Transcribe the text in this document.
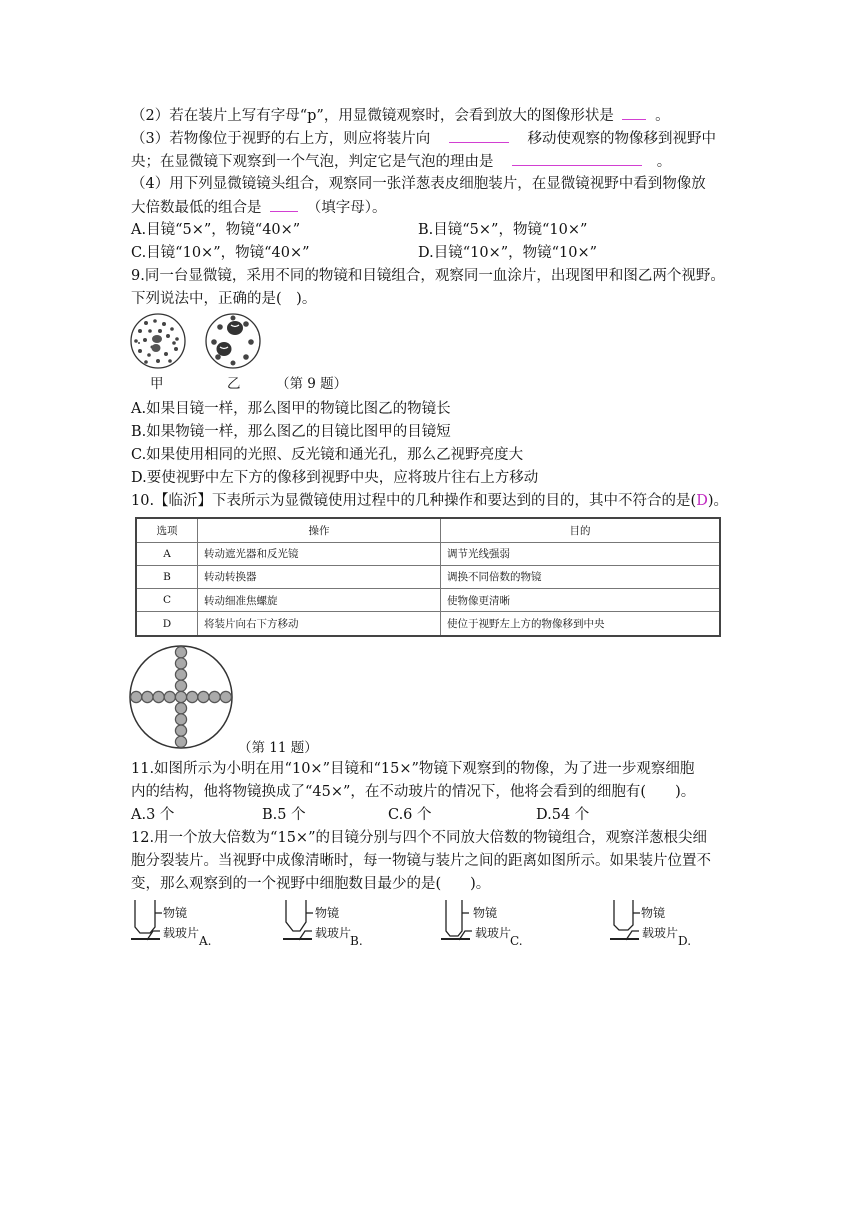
（2）若在装片上写有字母“p”，用显微镜观察时，会看到放大的图像形状是	。
（3）若物像位于视野的右上方，则应将装片向	移动使观察的物像移到视野中
央；在显微镜下观察到一个气泡，判定它是气泡的理由是	。
（4）用下列显微镜镜头组合，观察同一张洋葱表皮细胞装片，在显微镜视野中看到物像放
大倍数最低的组合是	（填字母）。
A.目镜“5×”，物镜“40×”	B.目镜“5×”，物镜“10×”
C.目镜“10×”，物镜“40×”	D.目镜“10×”，物镜“10×”
9.同一台显微镜，采用不同的物镜和目镜组合，观察同一血涂片，出现图甲和图乙两个视野。
下列说法中，正确的是(　)。
甲	乙	（第 9 题）
A.如果目镜一样，那么图甲的物镜比图乙的物镜长
B.如果物镜一样，那么图乙的目镜比图甲的目镜短
C.如果使用相同的光照、反光镜和通光孔，那么乙视野亮度大
D.要使视野中左下方的像移到视野中央，应将玻片往右上方移动
10.【临沂】下表所示为显微镜使用过程中的几种操作和要达到的目的，其中不符合的是(D)。
选项	操作	目的
A	转动遮光器和反光镜	调节光线强弱
B	转动转换器	调换不同倍数的物镜
C	转动细准焦螺旋	使物像更清晰
D	将装片向右下方移动	使位于视野左上方的物像移到中央
（第 11 题）
11.如图所示为小明在用“10×”目镜和“15×”物镜下观察到的物像，为了进一步观察细胞
内的结构，他将物镜换成了“45×”，在不动玻片的情况下，他将会看到的细胞有(　　)。
A.3 个	B.5 个	C.6 个	D.54 个
12.用一个放大倍数为“15×”的目镜分别与四个不同放大倍数的物镜组合，观察洋葱根尖细
胞分裂装片。当视野中成像清晰时，每一物镜与装片之间的距离如图所示。如果装片位置不
变，那么观察到的一个视野中细胞数目最少的是(　　)。
物镜
载玻片
A.
物镜
载玻片
B.
物镜
载玻片
C.
物镜
载玻片
D.
